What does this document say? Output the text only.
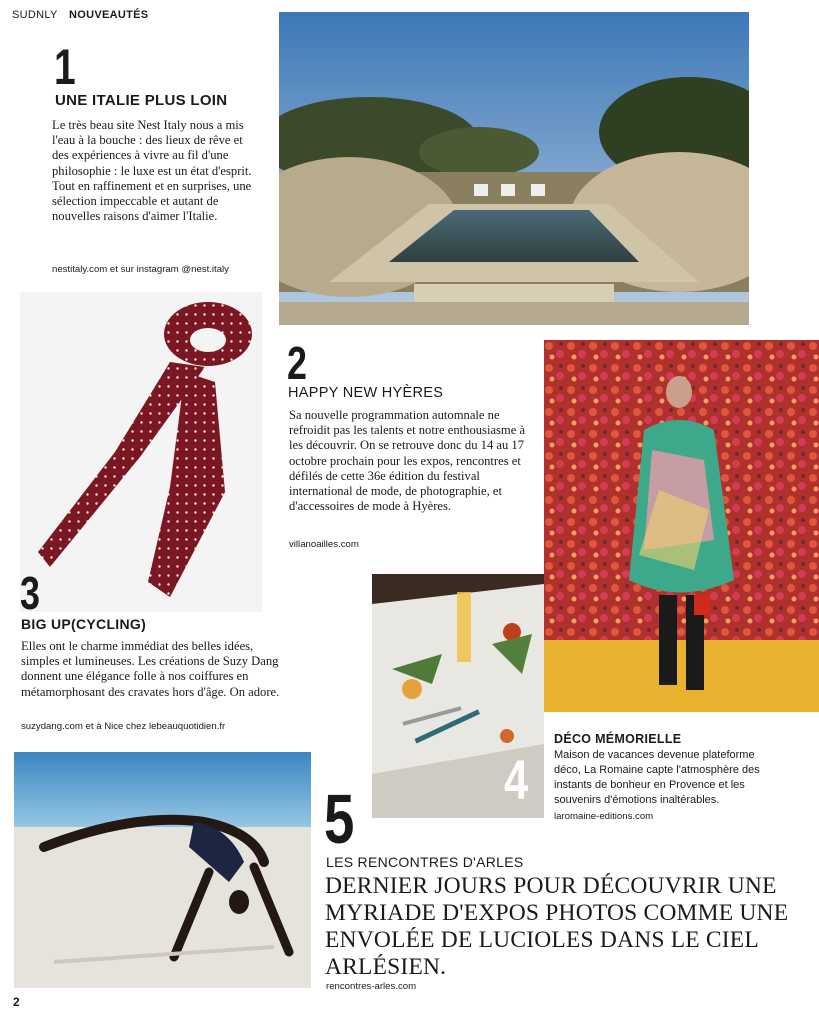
SUDNLY NOUVEAUTÉS
1
UNE ITALIE PLUS LOIN
Le très beau site Nest Italy nous a mis l'eau à la bouche : des lieux de rêve et des expériences à vivre au fil d'une philosophie : le luxe est un état d'esprit. Tout en raffinement et en surprises, une sélection impeccable et autant de nouvelles raisons d'aimer l'Italie.
nestitaly.com et sur instagram @nest.italy
2
HAPPY NEW HYÈRES
Sa nouvelle programmation automnale ne refroidit pas les talents et notre enthousiasme à les découvrir. On se retrouve donc du 14 au 17 octobre prochain pour les expos, rencontres et défilés de cette 36e édition du festival international de mode, de photographie, et d'accessoires de mode à Hyères.
villanoailles.com
3
BIG UP(CYCLING)
Elles ont le charme immédiat des belles idées, simples et lumineuses. Les créations de Suzy Dang donnent une élégance folle à nos coiffures en métamorphosant des cravates hors d'âge. On adore.
suzydang.com et à Nice chez lebeauquotidien.fr
4
DÉCO MÉMORIELLE
Maison de vacances devenue plateforme déco, La Romaine capte l'atmosphère des instants de bonheur en Provence et les souvenirs d'émotions inaltérables.
laromaine-editions.com
5
LES RENCONTRES D'ARLES
DERNIER JOURS POUR DÉCOUVRIR UNE MYRIADE D'EXPOS PHOTOS COMME UNE ENVOLÉE DE LUCIOLES DANS LE CIEL ARLÉSIEN.
rencontres-arles.com
2
